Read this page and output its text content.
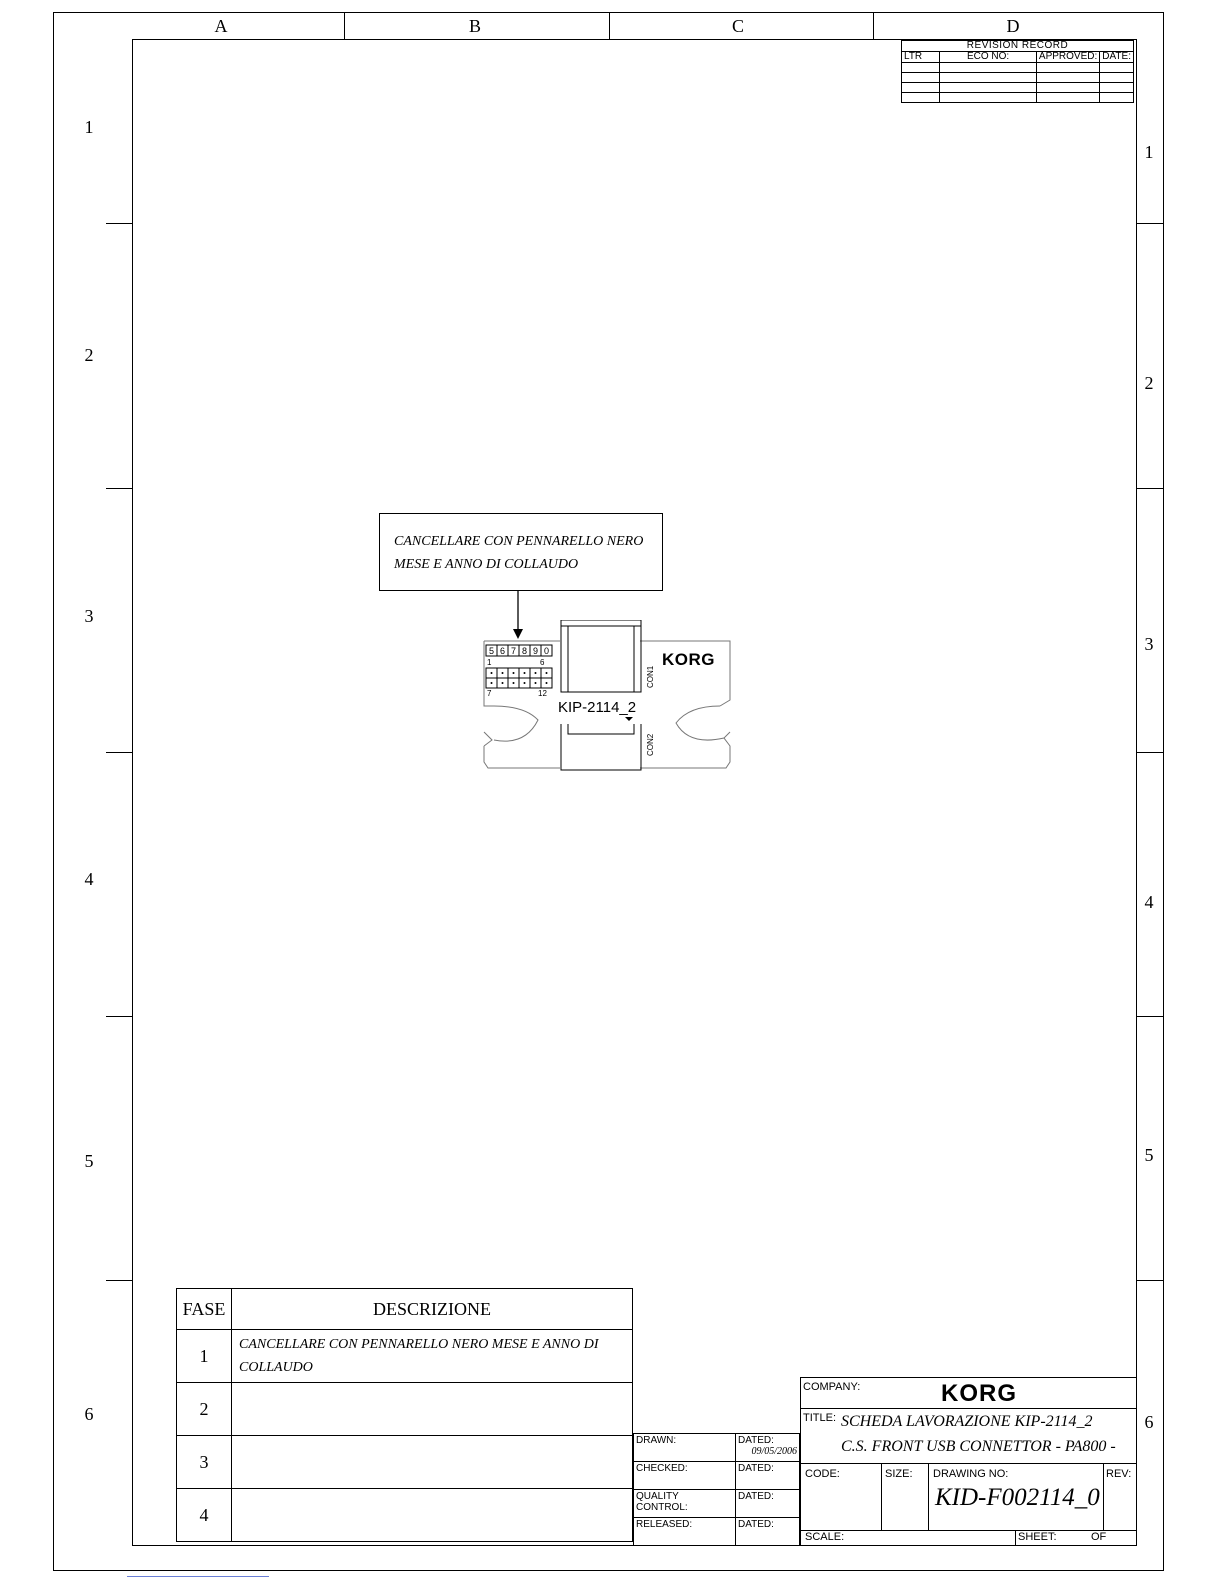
A	B	C	D
1
2
3
4
5
6
1
2
3
4
5
6
REVISION RECORD			
LTR	ECO NO:	APPROVED:	DATE:

CANCELLARE CON PENNARELLO NERO
MESE E ANNO DI COLLAUDO
5 6 7 8 9 0
1	6
7	12
CON1
KORG
KIP-2114_2
CON2
FASE	DESCRIZIONE
1	CANCELLARE CON PENNARELLO NERO MESE E ANNO DI COLLAUDO
2	
3	
4	
DRAWN:	DATED:
09/05/2006

CHECKED:	DATED:
QUALITY CONTROL:	DATED:
RELEASED:	DATED:
COMPANY:	KORG
TITLE: SCHEDA LAVORAZIONE KIP-2114_2
C.S. FRONT USB CONNETTOR - PA800 -
CODE:	SIZE: DRAWING NO:
KID-F002114_0
REV:
SCALE:	SHEET:	OF
